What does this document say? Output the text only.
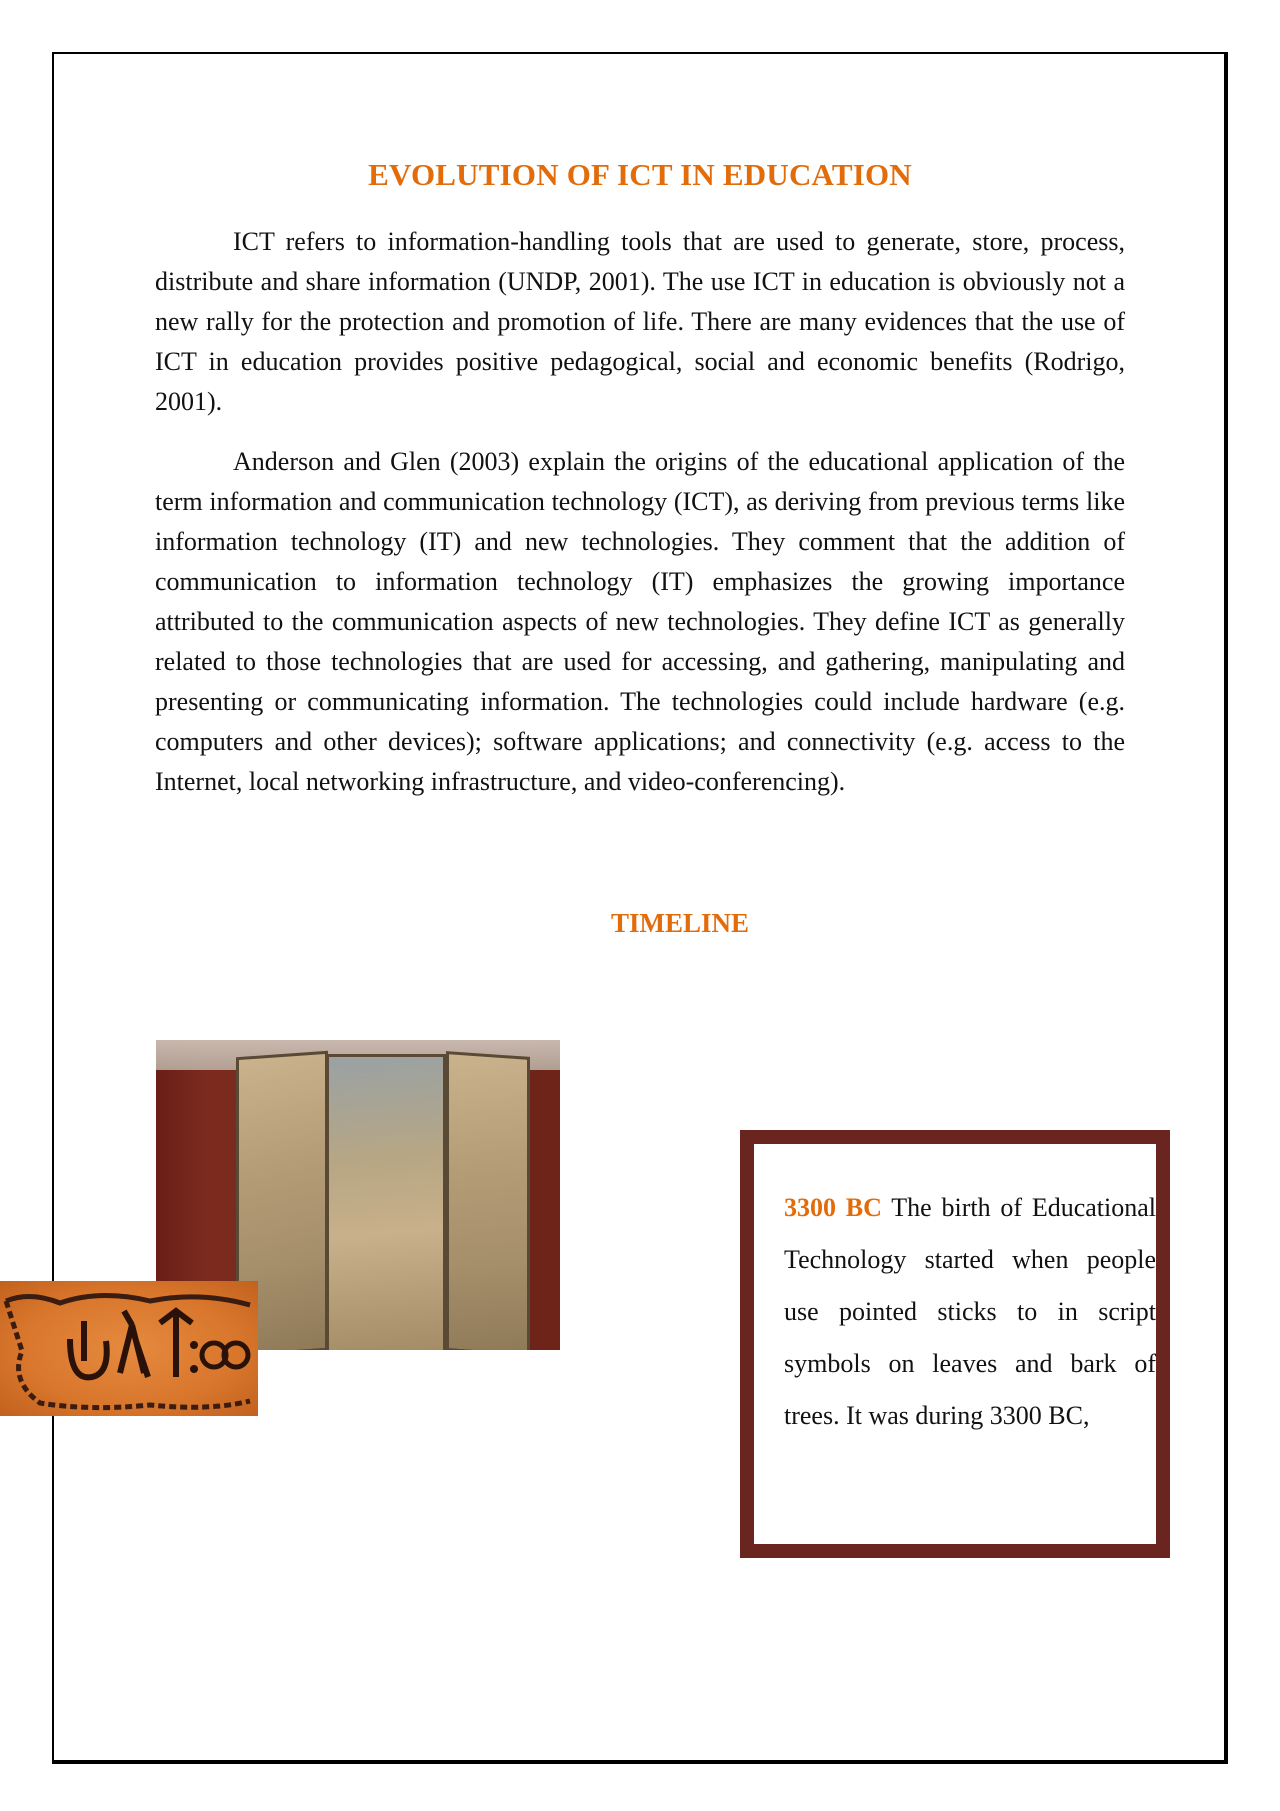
EVOLUTION OF ICT IN EDUCATION

ICT refers to information-handling tools that are used to generate, store, process, distribute and share information (UNDP, 2001). The use ICT in education is obviously not a new rally for the protection and promotion of life. There are many evidences that the use of ICT in education provides positive pedagogical, social and economic benefits (Rodrigo, 2001).

Anderson and Glen (2003) explain the origins of the educational application of the term information and communication technology (ICT), as deriving from previous terms like information technology (IT) and new technologies. They comment that the addition of communication to information technology (IT) emphasizes the growing importance attributed to the communication aspects of new technologies. They define ICT as generally related to those technologies that are used for accessing, and gathering, manipulating and presenting or communicating information. The technologies could include hardware (e.g. computers and other devices); software applications; and connectivity (e.g. access to the Internet, local networking infrastructure, and video-conferencing).

TIMELINE

3300 BC The birth of Educational Technology started when people use pointed sticks to in script symbols on leaves and bark of trees. It was during 3300 BC,
